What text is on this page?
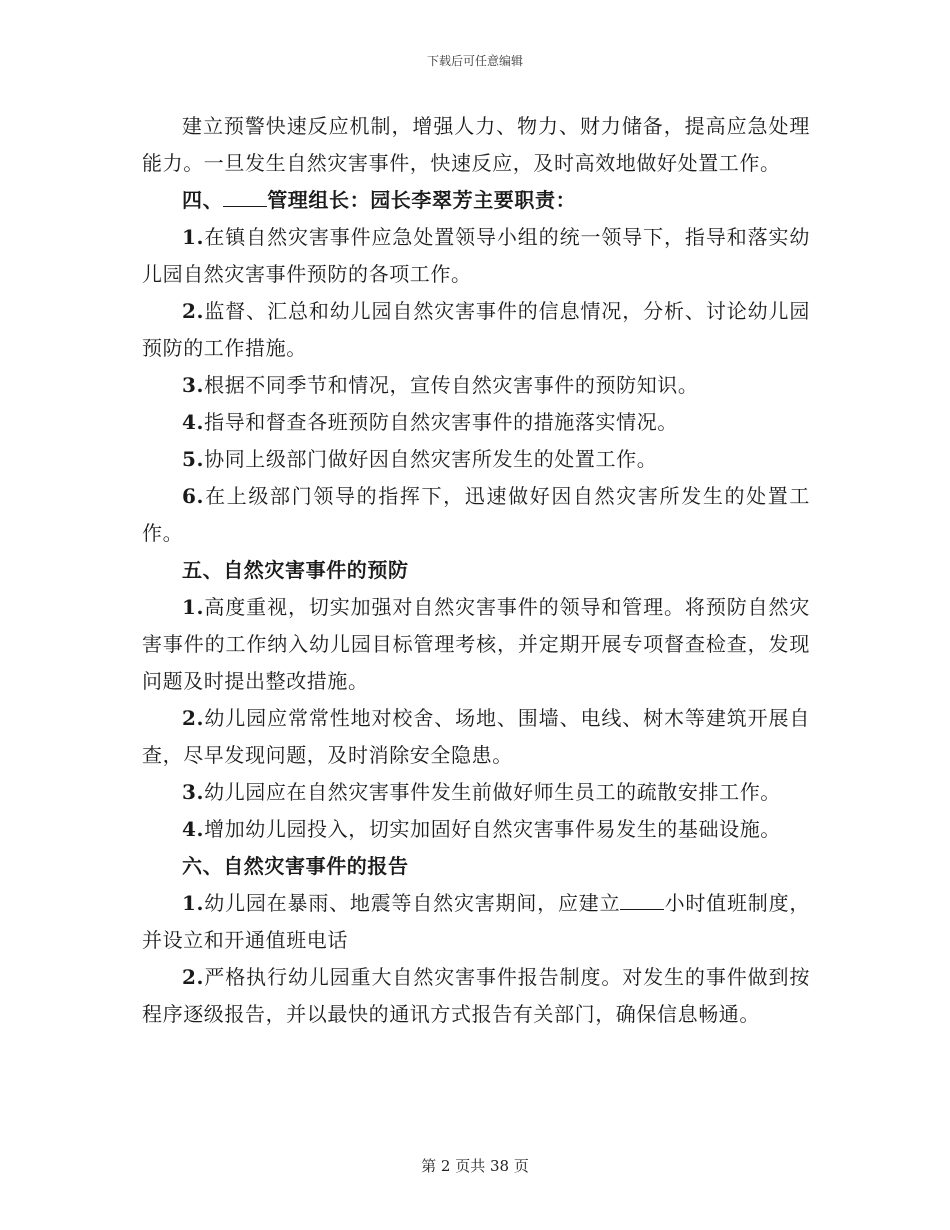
下载后可任意编辑

建立预警快速反应机制，增强人力、物力、财力储备，提高应急处理能力。一旦发生自然灾害事件，快速反应，及时高效地做好处置工作。

四、 管理组长：园长李翠芳主要职责：

1.在镇自然灾害事件应急处置领导小组的统一领导下，指导和落实幼儿园自然灾害事件预防的各项工作。

2.监督、汇总和幼儿园自然灾害事件的信息情况，分析、讨论幼儿园预防的工作措施。

3.根据不同季节和情况，宣传自然灾害事件的预防知识。

4.指导和督查各班预防自然灾害事件的措施落实情况。

5.协同上级部门做好因自然灾害所发生的处置工作。

6.在上级部门领导的指挥下，迅速做好因自然灾害所发生的处置工作。

五、自然灾害事件的预防

1.高度重视，切实加强对自然灾害事件的领导和管理。将预防自然灾害事件的工作纳入幼儿园目标管理考核，并定期开展专项督查检查，发现问题及时提出整改措施。

2.幼儿园应常常性地对校舍、场地、围墙、电线、树木等建筑开展自查，尽早发现问题，及时消除安全隐患。

3.幼儿园应在自然灾害事件发生前做好师生员工的疏散安排工作。

4.增加幼儿园投入，切实加固好自然灾害事件易发生的基础设施。

六、自然灾害事件的报告

1.幼儿园在暴雨、地震等自然灾害期间，应建立 小时值班制度，并设立和开通值班电话

2.严格执行幼儿园重大自然灾害事件报告制度。对发生的事件做到按程序逐级报告，并以最快的通讯方式报告有关部门，确保信息畅通。

第 2 页共 38 页
